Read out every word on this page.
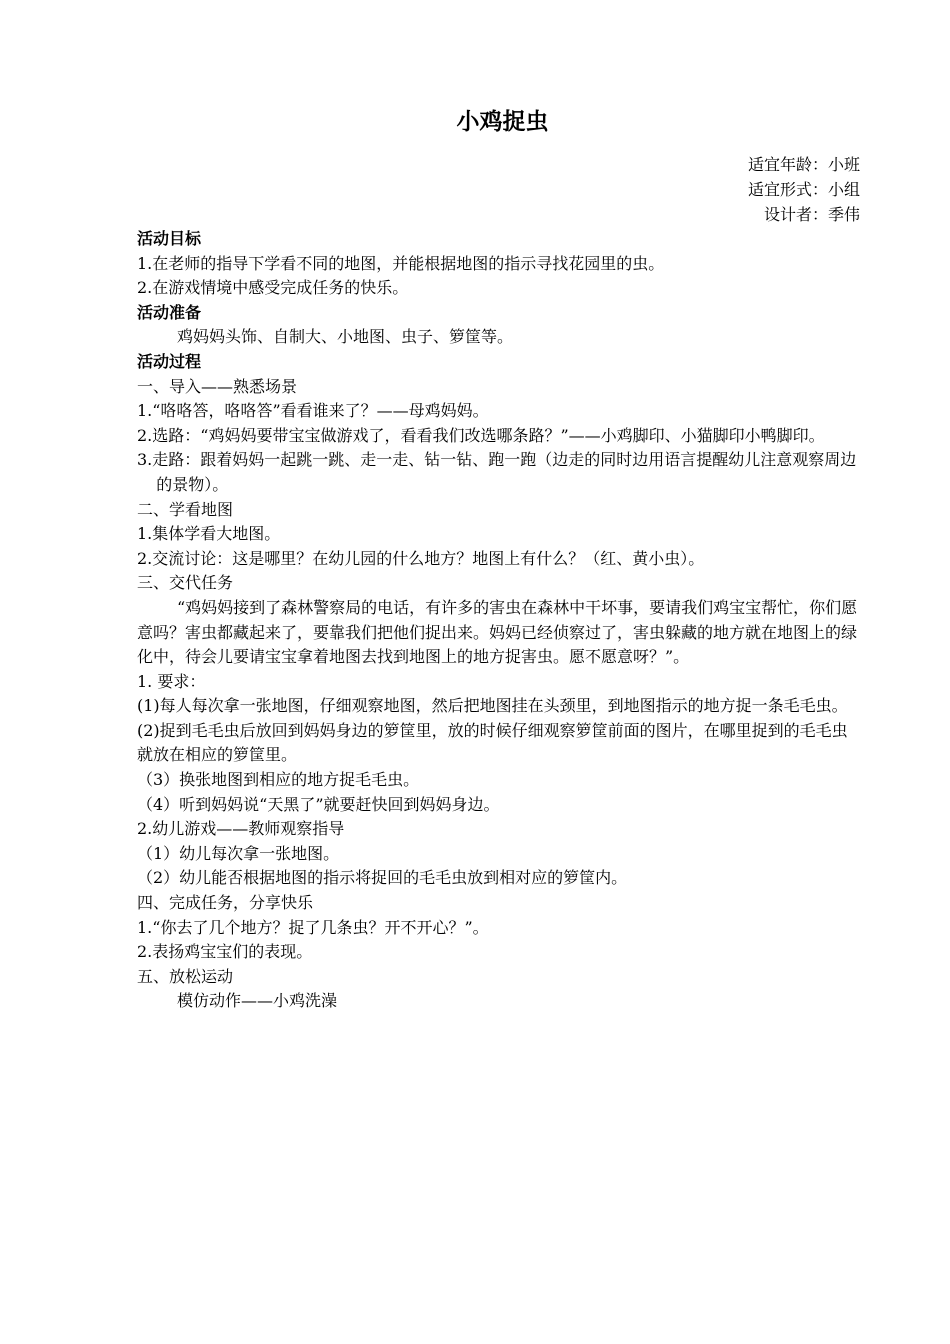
小鸡捉虫
适宜年龄：小班
适宜形式：小组
设计者：季伟
活动目标

1.在老师的指导下学看不同的地图，并能根据地图的指示寻找花园里的虫。

2.在游戏情境中感受完成任务的快乐。

活动准备

鸡妈妈头饰、自制大、小地图、虫子、箩筐等。

活动过程

一、导入——熟悉场景

1.“咯咯答，咯咯答”看看谁来了？——母鸡妈妈。

2.选路：“鸡妈妈要带宝宝做游戏了，看看我们改选哪条路？”——小鸡脚印、小猫脚印小鸭脚印。

3.走路：跟着妈妈一起跳一跳、走一走、钻一钻、跑一跑（边走的同时边用语言提醒幼儿注意观察周边的景物）。

二、学看地图

1.集体学看大地图。

2.交流讨论：这是哪里？在幼儿园的什么地方？地图上有什么？（红、黄小虫）。

三、交代任务

“鸡妈妈接到了森林警察局的电话，有许多的害虫在森林中干坏事，要请我们鸡宝宝帮忙，你们愿意吗？害虫都藏起来了，要靠我们把他们捉出来。妈妈已经侦察过了，害虫躲藏的地方就在地图上的绿化中，待会儿要请宝宝拿着地图去找到地图上的地方捉害虫。愿不愿意呀？”。

1. 要求：

(1)每人每次拿一张地图，仔细观察地图，然后把地图挂在头颈里，到地图指示的地方捉一条毛毛虫。

(2)捉到毛毛虫后放回到妈妈身边的箩筐里，放的时候仔细观察箩筐前面的图片，在哪里捉到的毛毛虫就放在相应的箩筐里。

（3）换张地图到相应的地方捉毛毛虫。

（4）听到妈妈说“天黑了”就要赶快回到妈妈身边。

2.幼儿游戏——教师观察指导

（1）幼儿每次拿一张地图。

（2）幼儿能否根据地图的指示将捉回的毛毛虫放到相对应的箩筐内。

四、完成任务，分享快乐

1.“你去了几个地方？捉了几条虫？开不开心？”。

2.表扬鸡宝宝们的表现。

五、放松运动

模仿动作——小鸡洗澡
